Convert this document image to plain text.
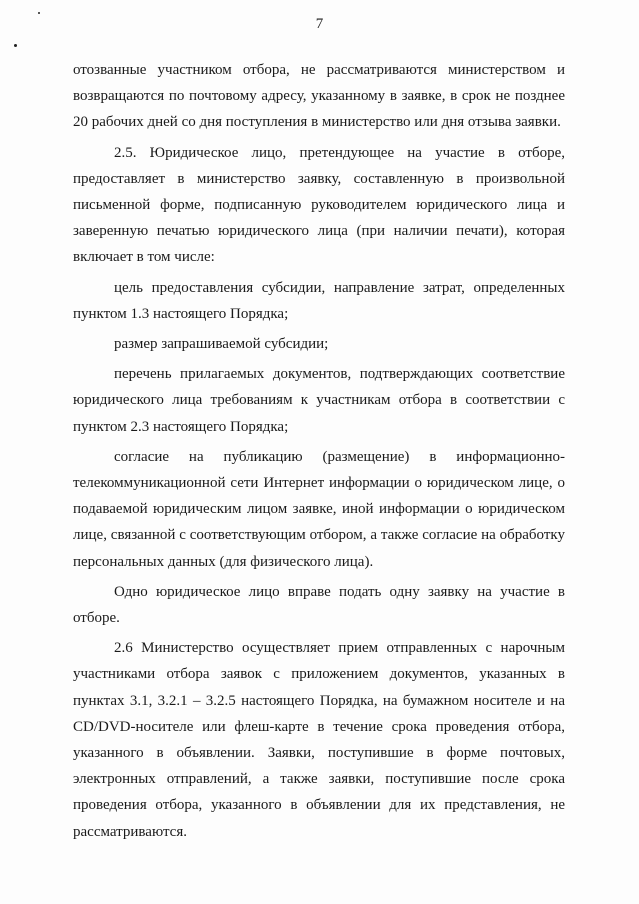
7

отозванные участником отбора, не рассматриваются министерством и возвращаются по почтовому адресу, указанному в заявке, в срок не позднее 20 рабочих дней со дня поступления в министерство или дня отзыва заявки.

2.5. Юридическое лицо, претендующее на участие в отборе, предоставляет в министерство заявку, составленную в произвольной письменной форме, подписанную руководителем юридического лица и заверенную печатью юридического лица (при наличии печати), которая включает в том числе:

цель предоставления субсидии, направление затрат, определенных пунктом 1.3 настоящего Порядка;

размер запрашиваемой субсидии;

перечень прилагаемых документов, подтверждающих соответствие юридического лица требованиям к участникам отбора в соответствии с пунктом 2.3 настоящего Порядка;

согласие на публикацию (размещение) в информационно-телекоммуникационной сети Интернет информации о юридическом лице, о подаваемой юридическим лицом заявке, иной информации о юридическом лице, связанной с соответствующим отбором, а также согласие на обработку персональных данных (для физического лица).

Одно юридическое лицо вправе подать одну заявку на участие в отборе.

2.6 Министерство осуществляет прием отправленных с нарочным участниками отбора заявок с приложением документов, указанных в пунктах 3.1, 3.2.1 – 3.2.5 настоящего Порядка, на бумажном носителе и на CD/DVD-носителе или флеш-карте в течение срока проведения отбора, указанного в объявлении. Заявки, поступившие в форме почтовых, электронных отправлений, а также заявки, поступившие после срока проведения отбора, указанного в объявлении для их представления, не рассматриваются.
